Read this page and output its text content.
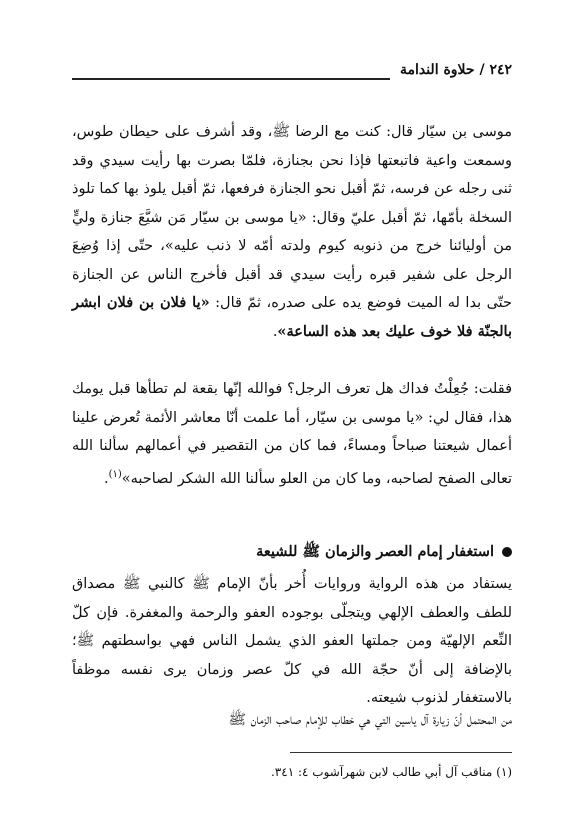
٢٤٢ / حلاوة الندامة
موسى بن سيّار قال: كنت مع الرضا ﷺ، وقد أشرف على حيطان طوس، وسمعت واعية فاتبعتها فإذا نحن بجنازة، فلمّا بصرت بها رأيت سيدي وقد ثنى رجله عن فرسه، ثمّ أقبل نحو الجنازة فرفعها، ثمّ أقبل يلوذ بها كما تلوذ السخلة بأمّها، ثمّ أقبل عليّ وقال: «يا موسى بن سيّار مَن شيَّعَ جنازة وليٍّ من أوليائنا خرج من ذنوبه كيوم ولدته أمّه لا ذنب عليه»، حتّى إذا وُضِعَ الرجل على شفير قبره رأيت سيدي قد أقبل فأخرج الناس عن الجنازة حتّى بدا له الميت فوضع يده على صدره، ثمّ قال: «يا فلان بن فلان ابشر بالجنّة فلا خوف عليك بعد هذه الساعة».
فقلت: جُعِلْتُ فداك هل تعرف الرجل؟ فوالله إنّها بقعة لم تطأها قبل يومك هذا، فقال لي: «يا موسى بن سيّار، أما علمت أنّا معاشر الأئمة تُعرض علينا أعمال شيعتنا صباحاً ومساءً، فما كان من التقصير في أعمالهم سألنا الله تعالى الصفح لصاحبه، وما كان من العلو سألنا الله الشكر لصاحبه»$^{(١)}$.
استغفار إمام العصر والزمان ﷺ للشيعة
يستفاد من هذه الرواية وروايات أُخر بأنّ الإمام ﷺ كالنبي ﷺ مصداق للطف والعطف الإلهي ويتجلّى بوجوده العفو والرحمة والمغفرة. فإن كلّ النِّعم الإلهيّة ومن جملتها العفو الذي يشمل الناس فهي بواسطتهم ﷺ؛ بالإضافة إلى أنّ حجّة الله في كلّ عصر وزمان يرى نفسه موظفاً بالاستغفار لذنوب شيعته.
من المحتمل أنّ زيارة آل ياسين التي هي خطاب للإمام صاحب الزمان ﷺ
(١) مناقب آل أبي طالب لابن شهرآشوب ٤: ٣٤١.
